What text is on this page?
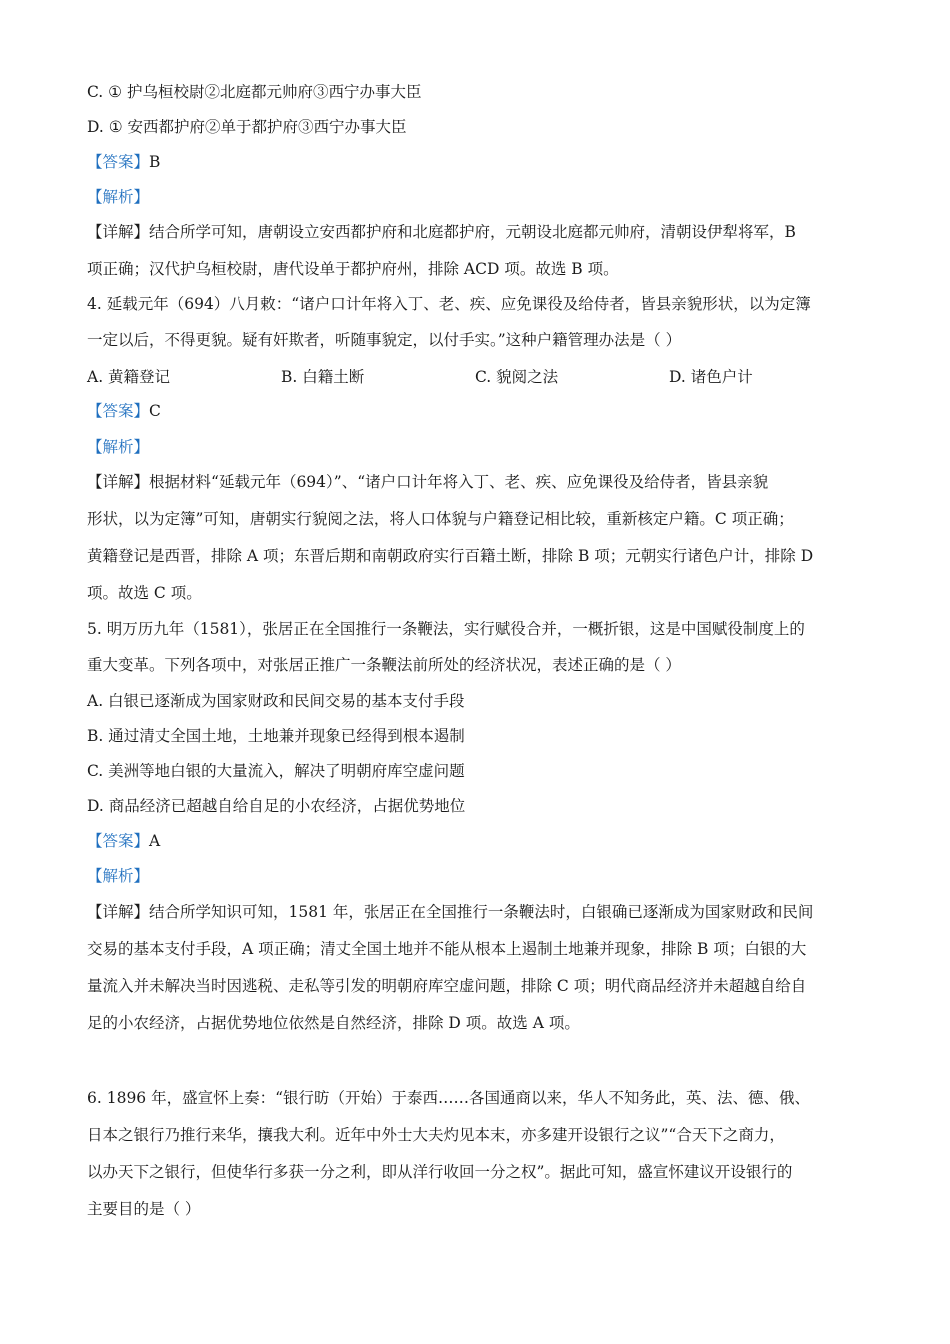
C. ① 护乌桓校尉②北庭都元帅府③西宁办事大臣
D. ① 安西都护府②单于都护府③西宁办事大臣
【答案】B
【解析】
【详解】结合所学可知，唐朝设立安西都护府和北庭都护府，元朝设北庭都元帅府，清朝设伊犁将军，B
项正确；汉代护乌桓校尉，唐代设单于都护府州，排除 ACD 项。故选 B 项。
4. 延载元年（694）八月敕：“诸户口计年将入丁、老、疾、应免课役及给侍者，皆县亲貌形状，以为定簿
一定以后，不得更貌。疑有奸欺者，听随事貌定，以付手实。”这种户籍管理办法是（ ）
A. 黄籍登记	B. 白籍土断	C. 貌阅之法	D. 诸色户计
【答案】C
【解析】
【详解】根据材料“延载元年（694）”、“诸户口计年将入丁、老、疾、应免课役及给侍者，皆县亲貌
形状，以为定簿”可知，唐朝实行貌阅之法，将人口体貌与户籍登记相比较，重新核定户籍。C 项正确；
黄籍登记是西晋，排除 A 项；东晋后期和南朝政府实行百籍土断，排除 B 项；元朝实行诸色户计，排除 D
项。故选 C 项。
5. 明万历九年（1581），张居正在全国推行一条鞭法，实行赋役合并，一概折银，这是中国赋役制度上的
重大变革。下列各项中，对张居正推广一条鞭法前所处的经济状况，表述正确的是（ ）
A. 白银已逐渐成为国家财政和民间交易的基本支付手段
B. 通过清丈全国土地，土地兼并现象已经得到根本遏制
C. 美洲等地白银的大量流入，解决了明朝府库空虚问题
D. 商品经济已超越自给自足的小农经济，占据优势地位
【答案】A
【解析】
【详解】结合所学知识可知，1581 年，张居正在全国推行一条鞭法时，白银确已逐渐成为国家财政和民间
交易的基本支付手段，A 项正确；清丈全国土地并不能从根本上遏制土地兼并现象，排除 B 项；白银的大
量流入并未解决当时因逃税、走私等引发的明朝府库空虚问题，排除 C 项；明代商品经济并未超越自给自
足的小农经济，占据优势地位依然是自然经济，排除 D 项。故选 A 项。
6. 1896 年，盛宣怀上奏：“银行昉（开始）于泰西……各国通商以来，华人不知务此，英、法、德、俄、
日本之银行乃推行来华，攘我大利。近年中外士大夫灼见本末，亦多建开设银行之议”“合天下之商力，
以办天下之银行，但使华行多获一分之利，即从洋行收回一分之权”。据此可知，盛宣怀建议开设银行的
主要目的是（ ）
